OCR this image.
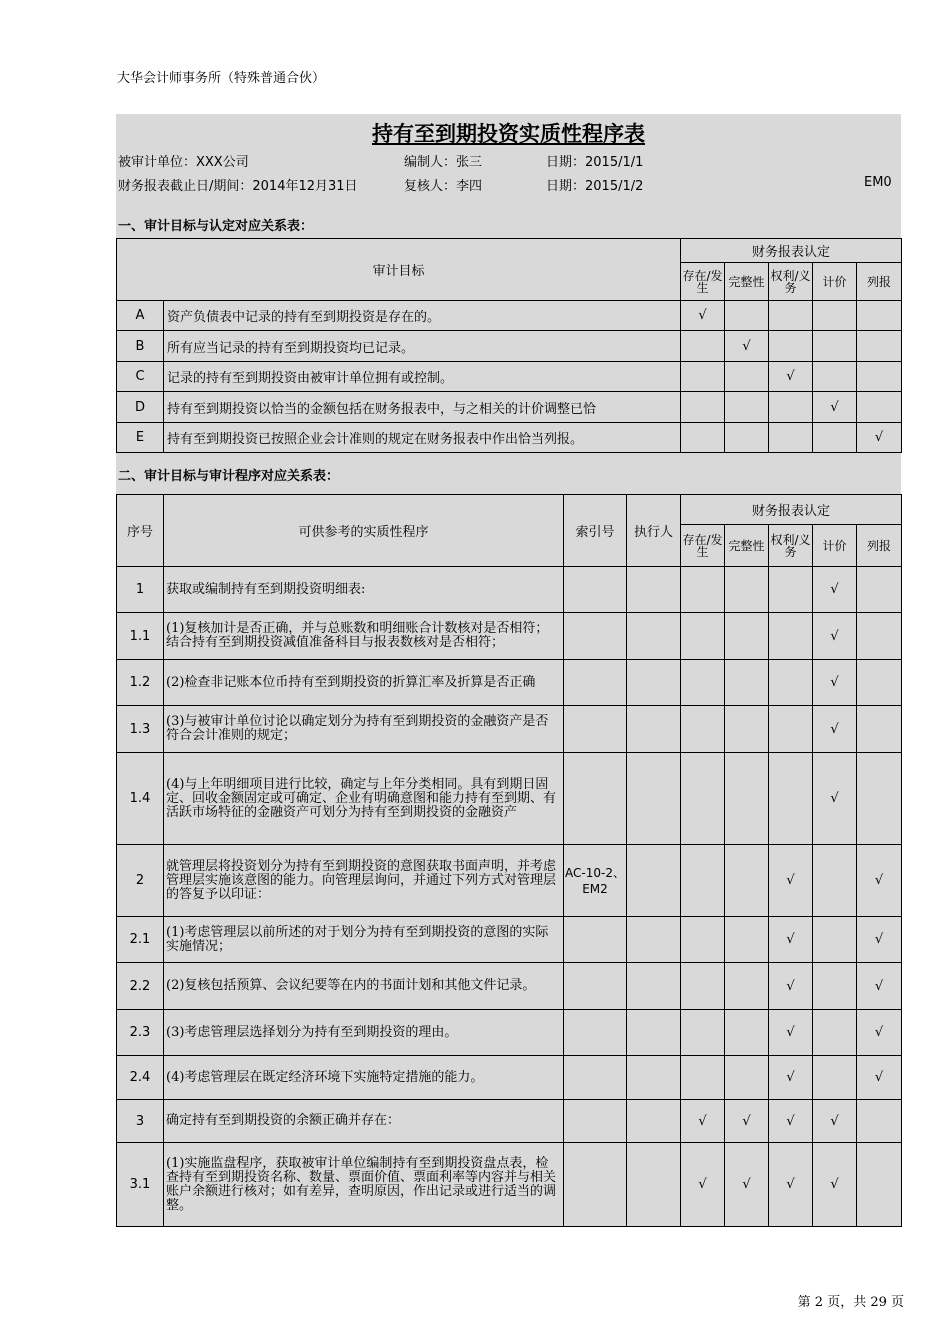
大华会计师事务所（特殊普通合伙）
持有至到期投资实质性程序表
被审计单位：XXX公司	编制人：张三	日期：2015/1/1
财务报表截止日/期间：2014年12月31日	复核人：李四	日期：2015/1/2	EM0
一、审计目标与认定对应关系表：
审计目标		财务报表认定				
		存在/发生	完整性	权利/义务	计价	列报
A	资产负债表中记录的持有至到期投资是存在的。	√				
B	所有应当记录的持有至到期投资均已记录。		√			
C	记录的持有至到期投资由被审计单位拥有或控制。			√		
D	持有至到期投资以恰当的金额包括在财务报表中，与之相关的计价调整已恰				√	
E	持有至到期投资已按照企业会计准则的规定在财务报表中作出恰当列报。					√
二、审计目标与审计程序对应关系表：
序号	可供参考的实质性程序	索引号	执行人	财务报表认定				
				存在/发生	完整性	权利/义务	计价	列报
1	获取或编制持有至到期投资明细表:						√	
1.1	(1)复核加计是否正确，并与总账数和明细账合计数核对是否相符；结合持有至到期投资减值准备科目与报表数核对是否相符；						√	
1.2	(2)检查非记账本位币持有至到期投资的折算汇率及折算是否正确						√	
1.3	(3)与被审计单位讨论以确定划分为持有至到期投资的金融资产是否符合会计准则的规定；						√	
1.4	(4)与上年明细项目进行比较，确定与上年分类相同。具有到期日固定、回收金额固定或可确定、企业有明确意图和能力持有至到期、有活跃市场特征的金融资产可划分为持有至到期投资的金融资产						√	
2	就管理层将投资划分为持有至到期投资的意图获取书面声明，并考虑管理层实施该意图的能力。向管理层询问，并通过下列方式对管理层的答复予以印证：	AC-10-2、EM2				√		√
2.1	(1)考虑管理层以前所述的对于划分为持有至到期投资的意图的实际实施情况；					√		√
2.2	(2)复核包括预算、会议纪要等在内的书面计划和其他文件记录。					√		√
2.3	(3)考虑管理层选择划分为持有至到期投资的理由。					√		√
2.4	(4)考虑管理层在既定经济环境下实施特定措施的能力。					√		√
3	确定持有至到期投资的余额正确并存在：			√	√	√	√	
3.1	(1)实施监盘程序，获取被审计单位编制持有至到期投资盘点表，检查持有至到期投资名称、数量、票面价值、票面利率等内容并与相关账户余额进行核对；如有差异，查明原因，作出记录或进行适当的调整。			√	√	√	√	
第 2 页，共 29 页
